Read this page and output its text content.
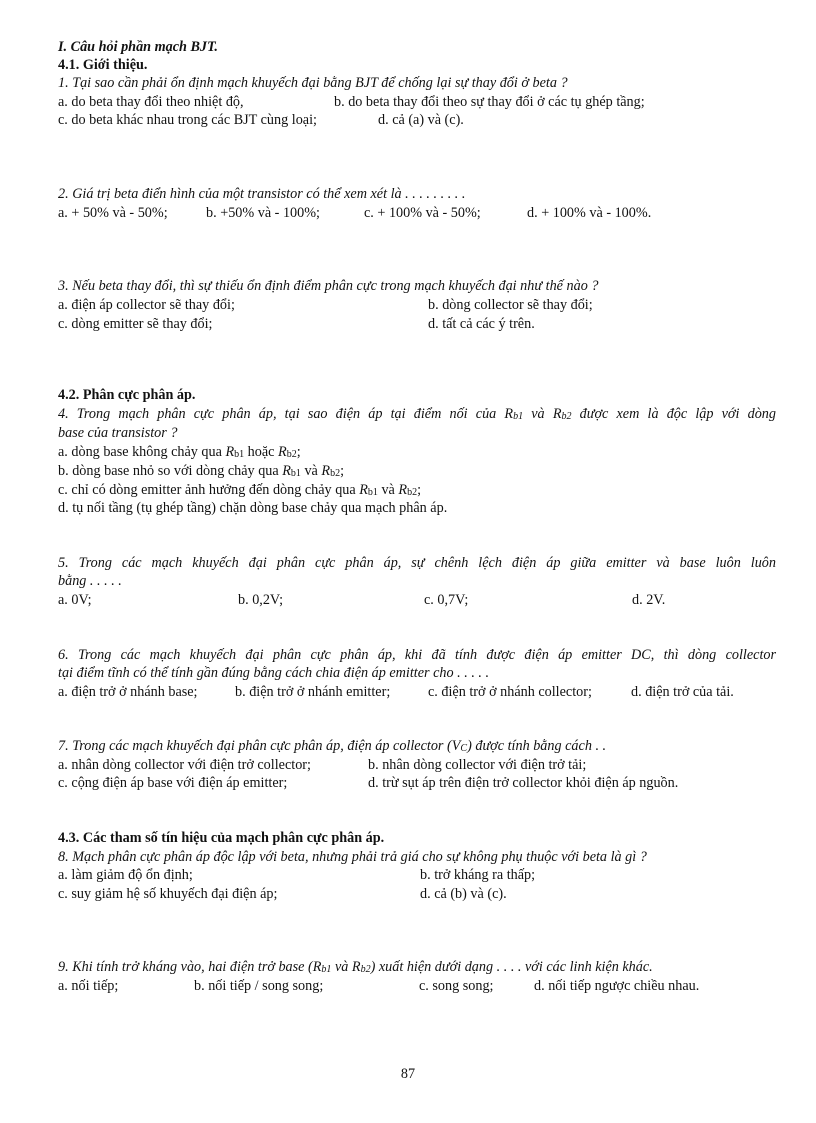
I. Câu hỏi phần mạch BJT.
4.1. Giới thiệu.
1. Tại sao cần phải ổn định mạch khuyếch đại bằng BJT để chống lại sự thay đổi ở beta ?
a. do beta thay đổi theo nhiệt độ,	b. do beta thay đổi theo sự thay đổi ở các tụ ghép tầng;
c. do beta khác nhau trong các BJT cùng loại;	d. cả (a) và (c).
2. Giá trị beta điển hình của một transistor có thể xem xét là . . . . . . . . .
a. + 50% và - 50%;	b. +50% và - 100%;	c. + 100% và - 50%;	d. + 100% và - 100%.
3. Nếu beta thay đổi, thì sự thiếu ổn định điểm phân cực trong mạch khuyếch đại như thế nào ?
a. điện áp collector sẽ thay đổi;	b. dòng collector sẽ thay đổi;
c. dòng emitter sẽ thay đổi;	d. tất cả các ý trên.
4.2. Phân cực phân áp.
4. Trong mạch phân cực phân áp, tại sao điện áp tại điểm nối của $R_{b1}$ và $R_{b2}$ được xem là độc lập với dòng
base của transistor ?
a. dòng base không chảy qua $R_{b1}$ hoặc $R_{b2}$;
b. dòng base nhỏ so với dòng chảy qua $R_{b1}$ và $R_{b2}$;
c. chỉ có dòng emitter ảnh hưởng đến dòng chảy qua $R_{b1}$ và $R_{b2}$;
d. tụ nối tầng (tụ ghép tầng) chặn dòng base chảy qua mạch phân áp.
5. Trong các mạch khuyếch đại phân cực phân áp, sự chênh lệch điện áp giữa emitter và base luôn luôn
bằng . . . . .
a. 0V;	b. 0,2V;	c. 0,7V;	d. 2V.
6. Trong các mạch khuyếch đại phân cực phân áp, khi đã tính được điện áp emitter DC, thì dòng collector
tại điểm tĩnh có thể tính gần đúng bằng cách chia điện áp emitter cho . . . . .
a. điện trở ở nhánh base;	b. điện trở ở nhánh emitter;	c. điện trở ở nhánh collector;	d. điện trở của tải.
7. Trong các mạch khuyếch đại phân cực phân áp, điện áp collector $(V_C)$ được tính bằng cách . .
a. nhân dòng collector với điện trở collector;	b. nhân dòng collector với điện trở tải;
c. cộng điện áp base với điện áp emitter;	d. trừ sụt áp trên điện trở collector khỏi điện áp nguồn.
4.3. Các tham số tín hiệu của mạch phân cực phân áp.
8. Mạch phân cực phân áp độc lập với beta, nhưng phải trả giá cho sự không phụ thuộc với beta là gì ?
a. làm giảm độ ổn định;	b. trở kháng ra thấp;
c. suy giảm hệ số khuyếch đại điện áp;	d. cả (b) và (c).
9. Khi tính trở kháng vào, hai điện trở base ($R_{b1}$ và $R_{b2}$) xuất hiện dưới dạng . . . . với các linh kiện khác.
a. nối tiếp;	b. nối tiếp / song song;	c. song song;	d. nối tiếp ngược chiều nhau.
87
